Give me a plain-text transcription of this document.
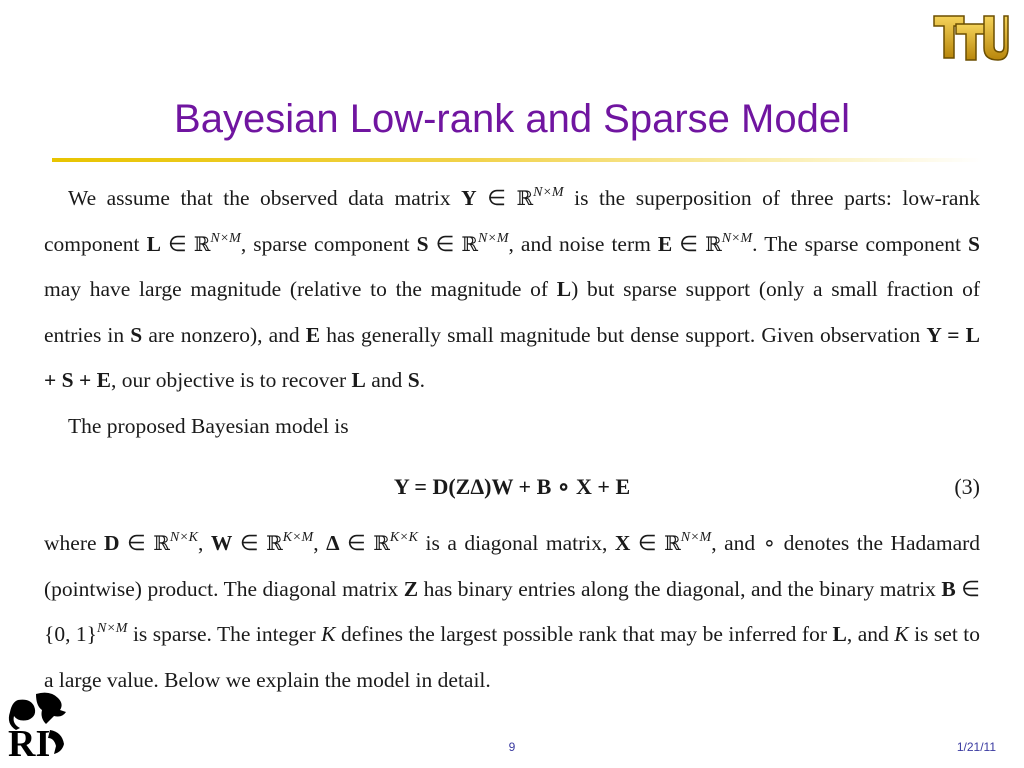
Bayesian Low-rank and Sparse Model

We assume that the observed data matrix Y ∈ ℝ$^{N\times M}$ is the superposition of three parts: low-rank component L ∈ ℝ$^{N\times M}$, sparse component S ∈ ℝ$^{N\times M}$, and noise term E ∈ ℝ$^{N\times M}$. The sparse component S may have large magnitude (relative to the magnitude of L) but sparse support (only a small fraction of entries in S are nonzero), and E has generally small magnitude but dense support. Given observation Y = L + S + E, our objective is to recover L and S.

The proposed Bayesian model is

Y = D(ZΔ)W + B ∘ X + E	(3)

where D ∈ ℝ$^{N\times K}$, W ∈ ℝ$^{K\times M}$, Δ ∈ ℝ$^{K\times K}$ is a diagonal matrix, X ∈ ℝ$^{N\times M}$, and ∘ denotes the Hadamard (pointwise) product. The diagonal matrix Z has binary entries along the diagonal, and the binary matrix B ∈ {0, 1}$^{N\times M}$ is sparse. The integer K defines the largest possible rank that may be inferred for L, and K is set to a large value. Below we explain the model in detail.

RI	9	1/21/11
